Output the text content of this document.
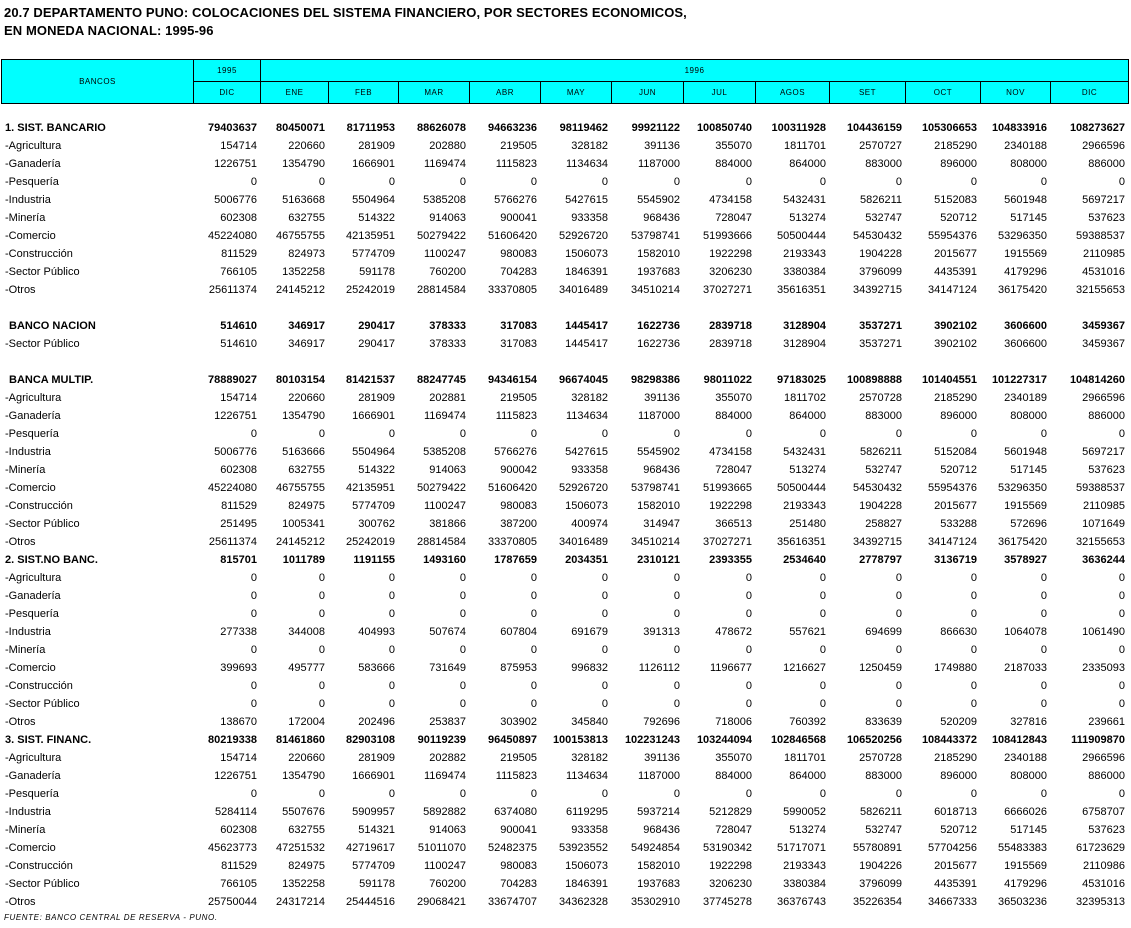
20.7 DEPARTAMENTO PUNO: COLOCACIONES DEL SISTEMA FINANCIERO, POR SECTORES ECONOMICOS,
EN MONEDA NACIONAL: 1995-96
BANCOS	1995	1996											
	DIC	ENE	FEB	MAR	ABR	MAY	JUN	JUL	AGOS	SET	OCT	NOV	DIC
1. SIST. BANCARIO	79403637	80450071	81711953	88626078	94663236	98119462	99921122	100850740	100311928	104436159	105306653	104833916	108273627
-Agricultura	154714	220660	281909	202880	219505	328182	391136	355070	1811701	2570727	2185290	2340188	2966596
-Ganadería	1226751	1354790	1666901	1169474	1115823	1134634	1187000	884000	864000	883000	896000	808000	886000
-Pesquería	0	0	0	0	0	0	0	0	0	0	0	0	0
-Industria	5006776	5163668	5504964	5385208	5766276	5427615	5545902	4734158	5432431	5826211	5152083	5601948	5697217
-Minería	602308	632755	514322	914063	900041	933358	968436	728047	513274	532747	520712	517145	537623
-Comercio	45224080	46755755	42135951	50279422	51606420	52926720	53798741	51993666	50500444	54530432	55954376	53296350	59388537
-Construcción	811529	824973	5774709	1100247	980083	1506073	1582010	1922298	2193343	1904228	2015677	1915569	2110985
-Sector Público	766105	1352258	591178	760200	704283	1846391	1937683	3206230	3380384	3796099	4435391	4179296	4531016
-Otros	25611374	24145212	25242019	28814584	33370805	34016489	34510214	37027271	35616351	34392715	34147124	36175420	32155653

BANCO NACION	514610	346917	290417	378333	317083	1445417	1622736	2839718	3128904	3537271	3902102	3606600	3459367
-Sector Público	514610	346917	290417	378333	317083	1445417	1622736	2839718	3128904	3537271	3902102	3606600	3459367

BANCA MULTIP.	78889027	80103154	81421537	88247745	94346154	96674045	98298386	98011022	97183025	100898888	101404551	101227317	104814260
-Agricultura	154714	220660	281909	202881	219505	328182	391136	355070	1811702	2570728	2185290	2340189	2966596
-Ganadería	1226751	1354790	1666901	1169474	1115823	1134634	1187000	884000	864000	883000	896000	808000	886000
-Pesquería	0	0	0	0	0	0	0	0	0	0	0	0	0
-Industria	5006776	5163666	5504964	5385208	5766276	5427615	5545902	4734158	5432431	5826211	5152084	5601948	5697217
-Minería	602308	632755	514322	914063	900042	933358	968436	728047	513274	532747	520712	517145	537623
-Comercio	45224080	46755755	42135951	50279422	51606420	52926720	53798741	51993665	50500444	54530432	55954376	53296350	59388537
-Construcción	811529	824975	5774709	1100247	980083	1506073	1582010	1922298	2193343	1904228	2015677	1915569	2110985
-Sector Público	251495	1005341	300762	381866	387200	400974	314947	366513	251480	258827	533288	572696	1071649
-Otros	25611374	24145212	25242019	28814584	33370805	34016489	34510214	37027271	35616351	34392715	34147124	36175420	32155653
2. SIST.NO BANC.	815701	1011789	1191155	1493160	1787659	2034351	2310121	2393355	2534640	2778797	3136719	3578927	3636244
-Agricultura	0	0	0	0	0	0	0	0	0	0	0	0	0
-Ganadería	0	0	0	0	0	0	0	0	0	0	0	0	0
-Pesquería	0	0	0	0	0	0	0	0	0	0	0	0	0
-Industria	277338	344008	404993	507674	607804	691679	391313	478672	557621	694699	866630	1064078	1061490
-Minería	0	0	0	0	0	0	0	0	0	0	0	0	0
-Comercio	399693	495777	583666	731649	875953	996832	1126112	1196677	1216627	1250459	1749880	2187033	2335093
-Construcción	0	0	0	0	0	0	0	0	0	0	0	0	0
-Sector Público	0	0	0	0	0	0	0	0	0	0	0	0	0
-Otros	138670	172004	202496	253837	303902	345840	792696	718006	760392	833639	520209	327816	239661
3. SIST. FINANC.	80219338	81461860	82903108	90119239	96450897	100153813	102231243	103244094	102846568	106520256	108443372	108412843	111909870
-Agricultura	154714	220660	281909	202882	219505	328182	391136	355070	1811701	2570728	2185290	2340188	2966596
-Ganadería	1226751	1354790	1666901	1169474	1115823	1134634	1187000	884000	864000	883000	896000	808000	886000
-Pesquería	0	0	0	0	0	0	0	0	0	0	0	0	0
-Industria	5284114	5507676	5909957	5892882	6374080	6119295	5937214	5212829	5990052	5826211	6018713	6666026	6758707
-Minería	602308	632755	514321	914063	900041	933358	968436	728047	513274	532747	520712	517145	537623
-Comercio	45623773	47251532	42719617	51011070	52482375	53923552	54924854	53190342	51717071	55780891	57704256	55483383	61723629
-Construcción	811529	824975	5774709	1100247	980083	1506073	1582010	1922298	2193343	1904226	2015677	1915569	2110986
-Sector Público	766105	1352258	591178	760200	704283	1846391	1937683	3206230	3380384	3796099	4435391	4179296	4531016
-Otros	25750044	24317214	25444516	29068421	33674707	34362328	35302910	37745278	36376743	35226354	34667333	36503236	32395313
FUENTE: BANCO CENTRAL DE RESERVA - PUNO.
